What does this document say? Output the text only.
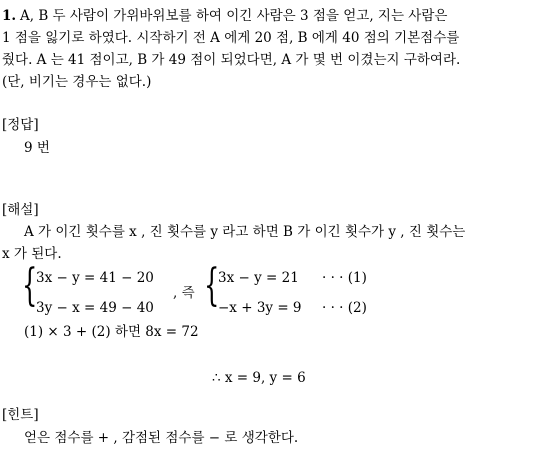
1. A, B 두 사람이 가위바위보를 하여 이긴 사람은 3 점을 얻고, 지는 사람은
1 점을 잃기로 하였다. 시작하기 전 A 에게 20 점, B 에게 40 점의 기본점수를
줬다. A 는 41 점이고, B 가 49 점이 되었다면, A 가 몇 번 이겼는지 구하여라.
(단, 비기는 경우는 없다.)
[정답]
9 번
[해설]
A 가 이긴 횟수를 x , 진 횟수를 y 라고 하면 B 가 이긴 횟수가 y , 진 횟수는
x 가 된다.
{
3x − y = 41 − 20
3y − x = 49 − 40
, 즉 {
3x − y = 21
−x + 3y = 9
· · · (1)
· · · (2)
(1) × 3 + (2) 하면 8x = 72
∴ x = 9, y = 6
[힌트]
얻은 점수를 + , 감점된 점수를 − 로 생각한다.
